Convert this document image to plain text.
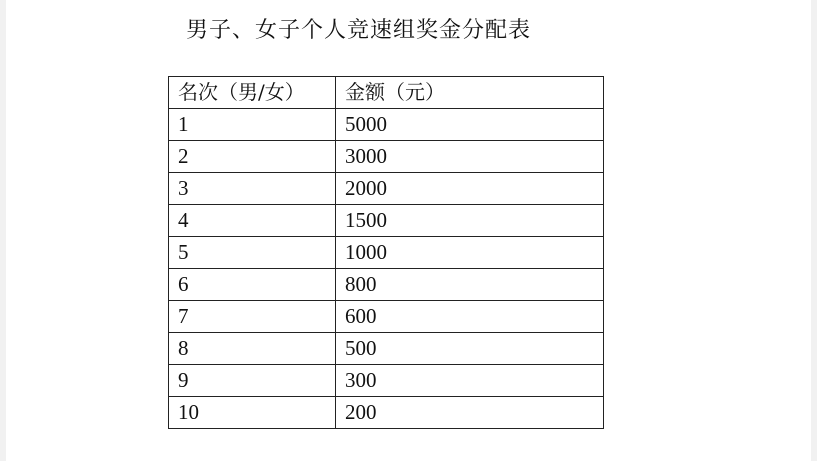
男子、女子个人竞速组奖金分配表
名次（男/女）	金额（元）
1	5000
2	3000
3	2000
4	1500
5	1000
6	800
7	600
8	500
9	300
10	200
